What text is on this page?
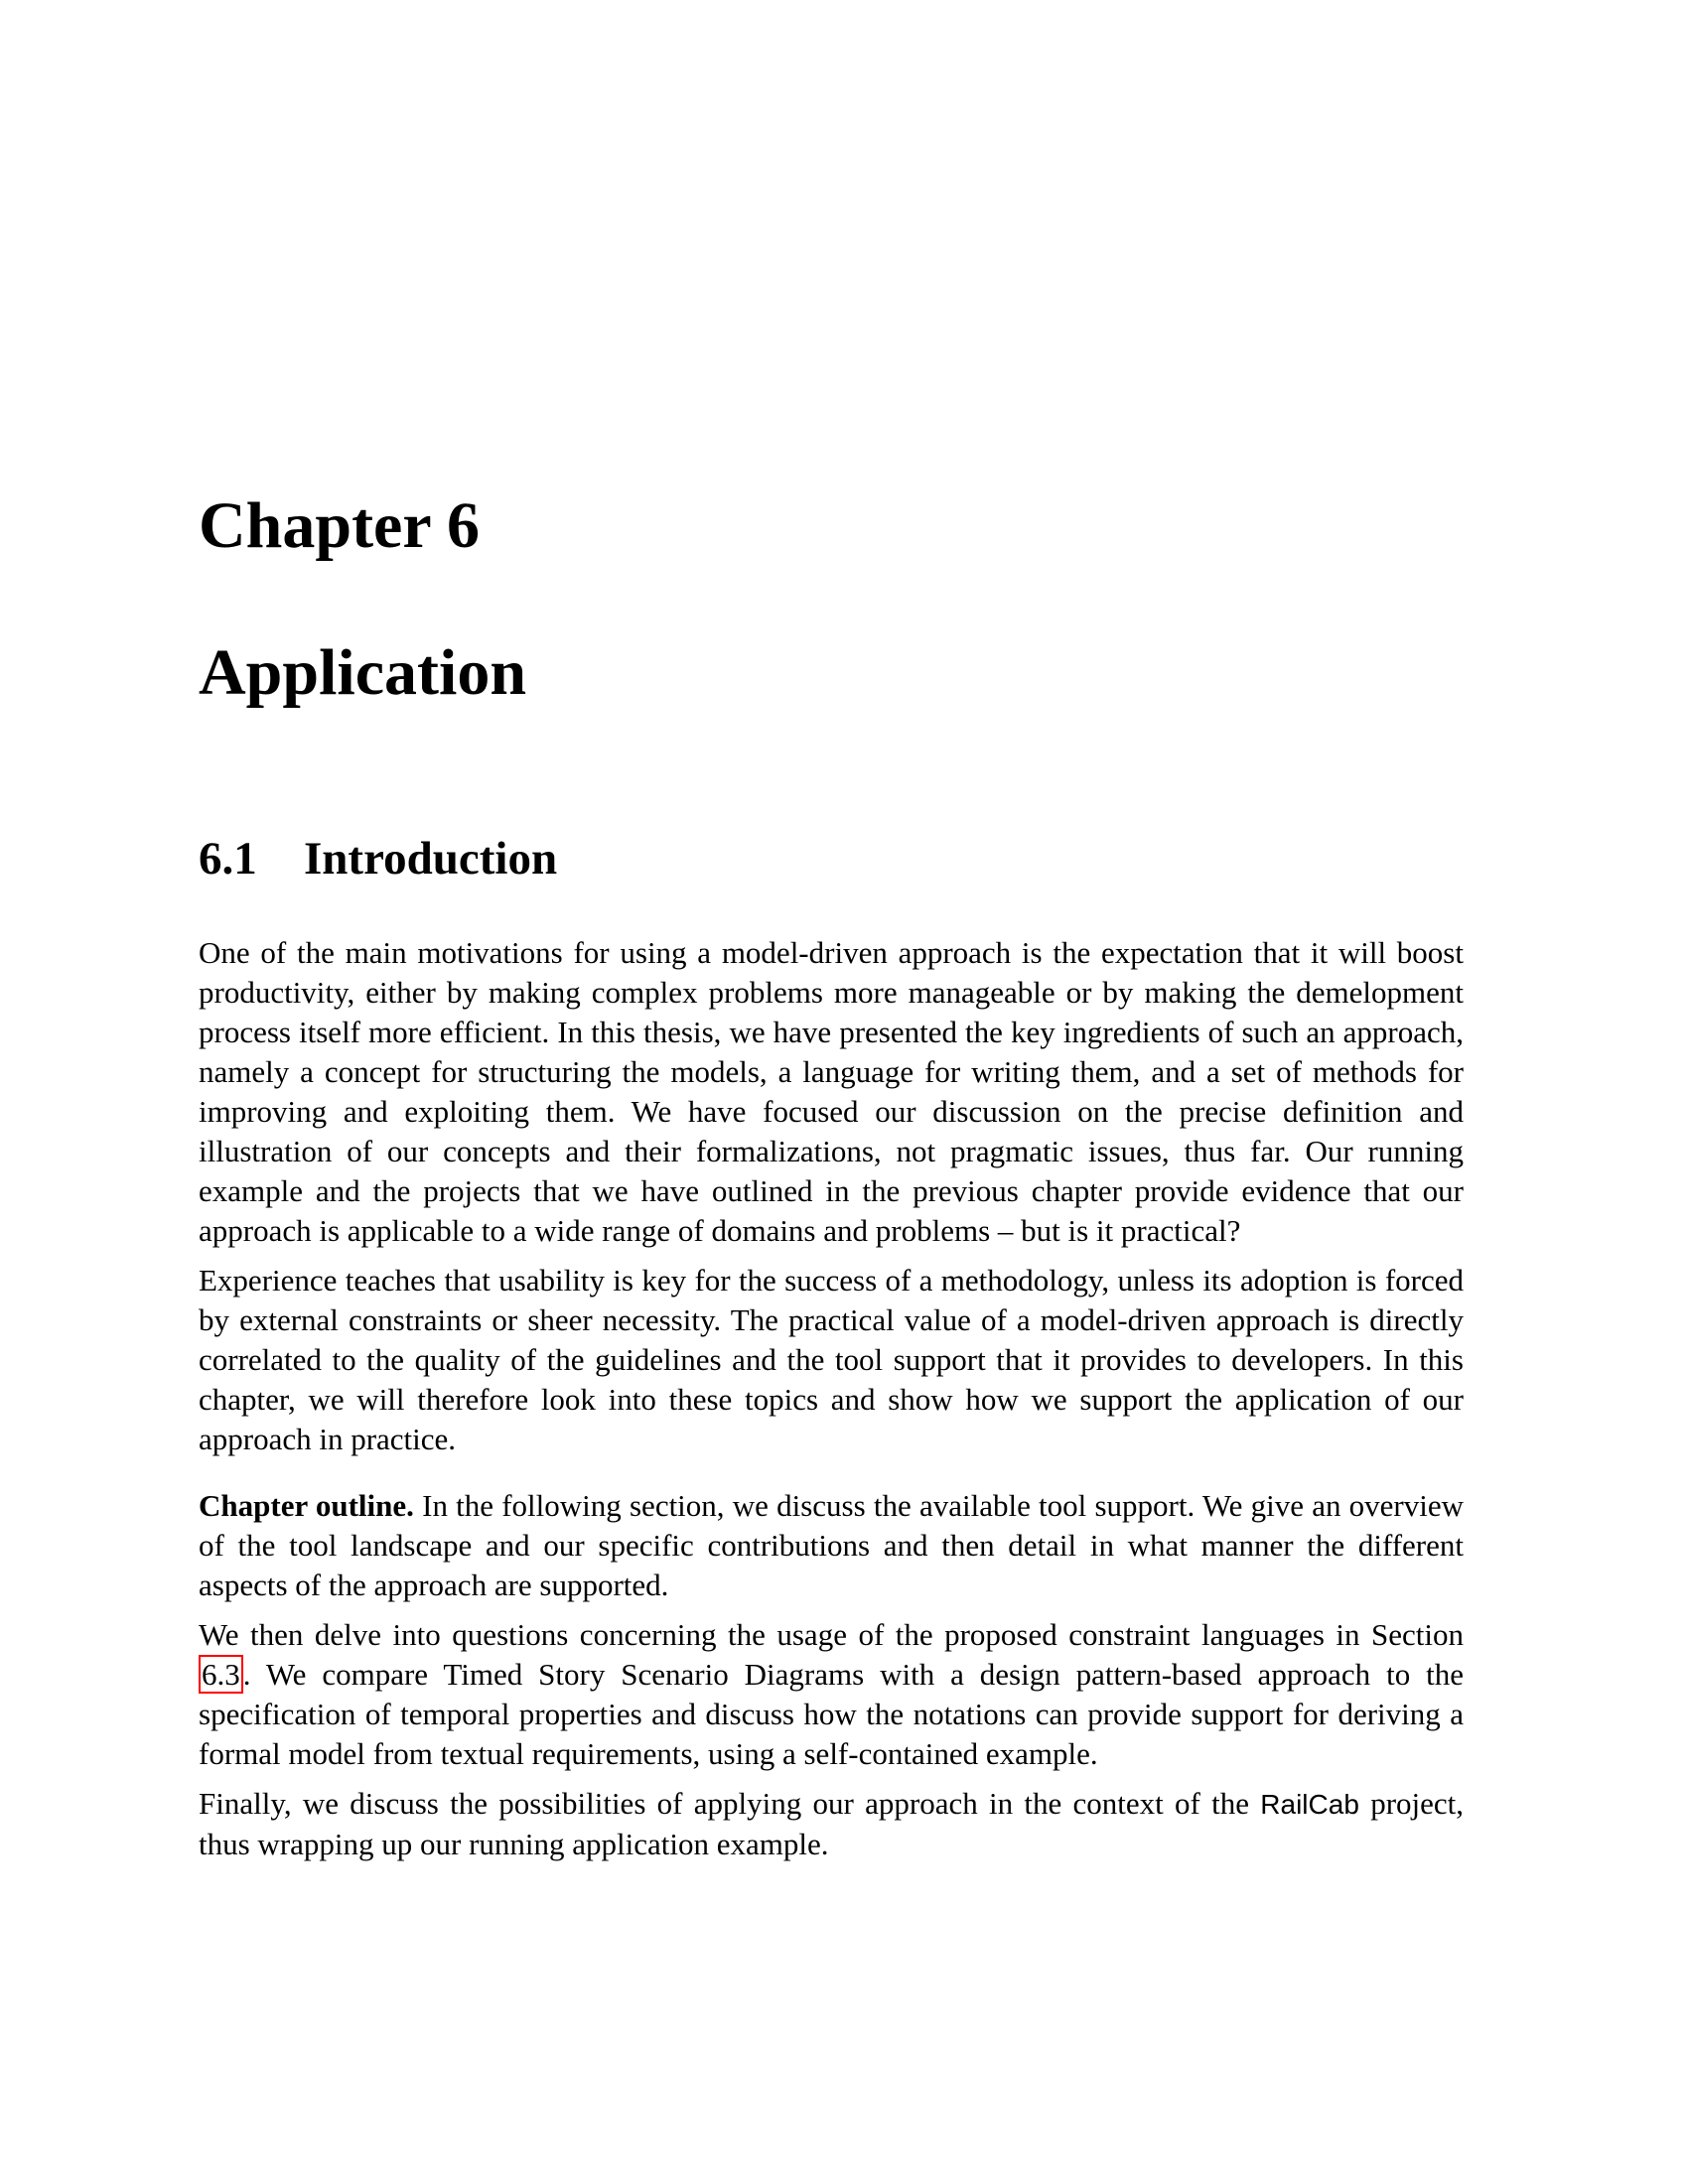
Chapter 6
Application
6.1 Introduction

One of the main motivations for using a model-driven approach is the expectation that it will boost productivity, either by making complex problems more manageable or by making the demelopment process itself more efficient. In this thesis, we have presented the key ingredients of such an approach, namely a concept for structuring the models, a language for writing them, and a set of methods for improving and exploiting them. We have focused our discussion on the precise definition and illustration of our concepts and their formalizations, not pragmatic issues, thus far. Our running example and the projects that we have outlined in the previous chapter provide evidence that our approach is applicable to a wide range of domains and problems – but is it practical?

Experience teaches that usability is key for the success of a methodology, unless its adoption is forced by external constraints or sheer necessity. The practical value of a model-driven approach is directly correlated to the quality of the guidelines and the tool support that it provides to developers. In this chapter, we will therefore look into these topics and show how we support the application of our approach in practice.

Chapter outline. In the following section, we discuss the available tool support. We give an overview of the tool landscape and our specific contributions and then detail in what manner the different aspects of the approach are supported.

We then delve into questions concerning the usage of the proposed constraint languages in Section 6.3. We compare Timed Story Scenario Diagrams with a design pattern-based approach to the specification of temporal properties and discuss how the notations can provide support for deriving a formal model from textual requirements, using a self-contained example.

Finally, we discuss the possibilities of applying our approach in the context of the RailCab project, thus wrapping up our running application example.
